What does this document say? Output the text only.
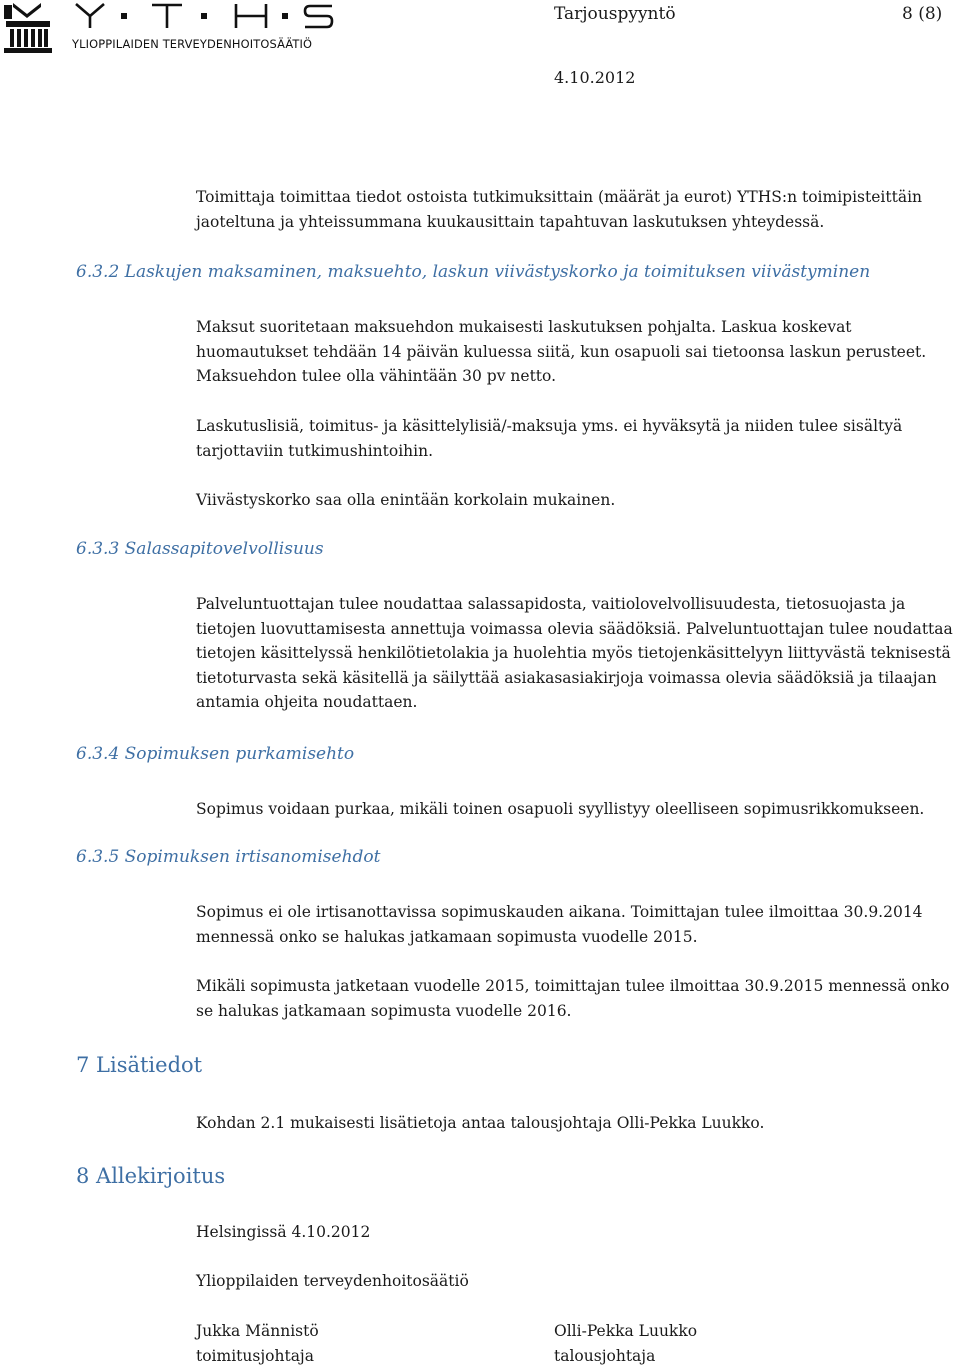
YLIOPPILAIDEN TERVEYDENHOITOSÄÄTIÖ
Tarjouspyyntö	8 (8)
4.10.2012
Toimittaja toimittaa tiedot ostoista tutkimuksittain (määrät ja eurot) YTHS:n toimipisteittäin
jaoteltuna ja yhteissummana kuukausittain tapahtuvan laskutuksen yhteydessä.
6.3.2 Laskujen maksaminen, maksuehto, laskun viivästyskorko ja toimituksen viivästyminen
Maksut suoritetaan maksuehdon mukaisesti laskutuksen pohjalta. Laskua koskevat
huomautukset tehdään 14 päivän kuluessa siitä, kun osapuoli sai tietoonsa laskun perusteet.
Maksuehdon tulee olla vähintään 30 pv netto.
Laskutuslisiä, toimitus- ja käsittelylisiä/-maksuja yms. ei hyväksytä ja niiden tulee sisältyä
tarjottaviin tutkimushintoihin.
Viivästyskorko saa olla enintään korkolain mukainen.
6.3.3 Salassapitovelvollisuus
Palveluntuottajan tulee noudattaa salassapidosta, vaitiolovelvollisuudesta, tietosuojasta ja
tietojen luovuttamisesta annettuja voimassa olevia säädöksiä. Palveluntuottajan tulee noudattaa
tietojen käsittelyssä henkilötietolakia ja huolehtia myös tietojenkäsittelyyn liittyvästä teknisestä
tietoturvasta sekä käsitellä ja säilyttää asiakasasiakirjoja voimassa olevia säädöksiä ja tilaajan
antamia ohjeita noudattaen.
6.3.4 Sopimuksen purkamisehto
Sopimus voidaan purkaa, mikäli toinen osapuoli syyllistyy oleelliseen sopimusrikkomukseen.
6.3.5 Sopimuksen irtisanomisehdot
Sopimus ei ole irtisanottavissa sopimuskauden aikana. Toimittajan tulee ilmoittaa 30.9.2014
mennessä onko se halukas jatkamaan sopimusta vuodelle 2015.
Mikäli sopimusta jatketaan vuodelle 2015, toimittajan tulee ilmoittaa 30.9.2015 mennessä onko
se halukas jatkamaan sopimusta vuodelle 2016.
7 Lisätiedot
Kohdan 2.1 mukaisesti lisätietoja antaa talousjohtaja Olli-Pekka Luukko.
8 Allekirjoitus
Helsingissä 4.10.2012
Ylioppilaiden terveydenhoitosäätiö
Jukka Männistö
toimitusjohtaja
Olli-Pekka Luukko
talousjohtaja
